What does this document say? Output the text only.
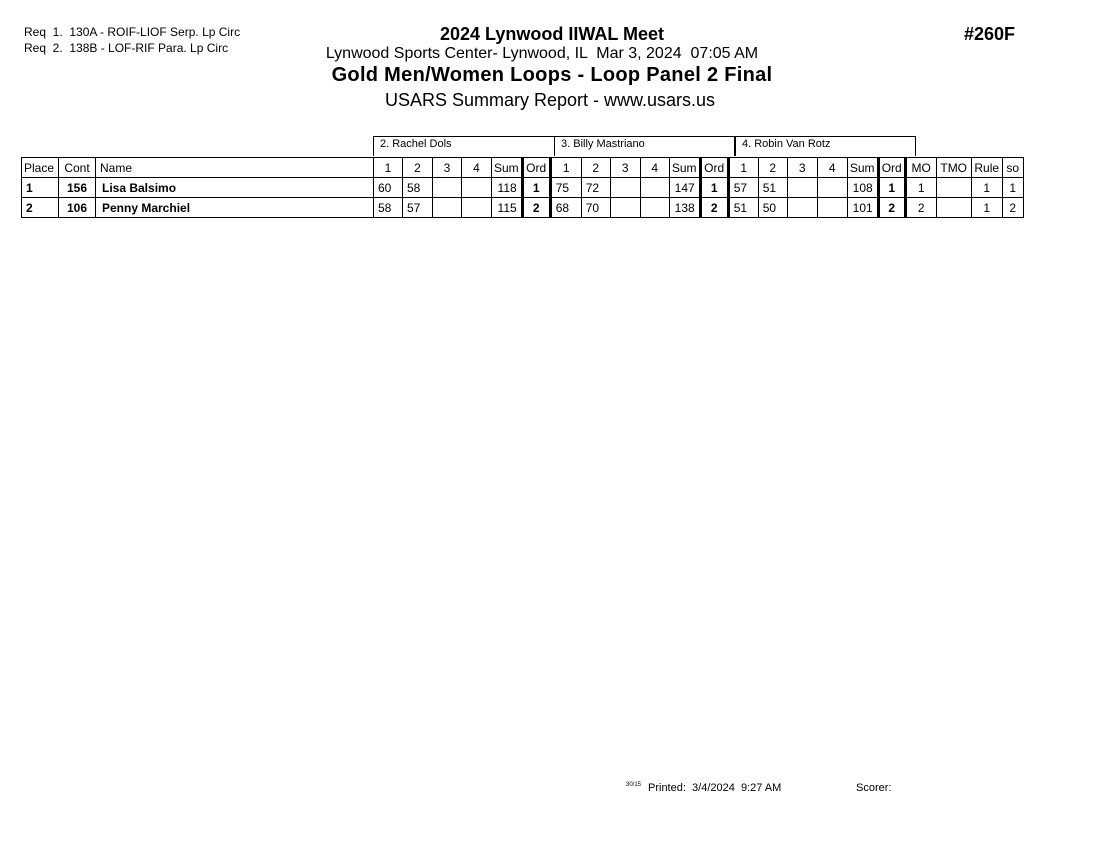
Req  1.  130A - ROIF-LIOF Serp. Lp Circ
Req  2.  138B - LOF-RIF Para. Lp Circ
2024 Lynwood IIWAL Meet
Lynwood Sports Center- Lynwood, IL  Mar 3, 2024  07:05 AM
Gold Men/Women Loops - Loop Panel 2 Final
USARS Summary Report - www.usars.us
#260F
2. Rachel Dols	3. Billy Mastriano	4. Robin Van Rotz
Place	Cont	Name	1	2	3	4	Sum	Ord	1	2	3	4	Sum	Ord	1	2	3	4	Sum	Ord	MO	TMO	Rule	so
1	156	Lisa Balsimo	60	58			118	1	75	72			147	1	57	51			108	1	1		1	1
2	106	Penny Marchiel	58	57			115	2	68	70			138	2	51	50			101	2	2		1	2
30/15 Printed:  3/4/2024  9:27 AM	Scorer:
